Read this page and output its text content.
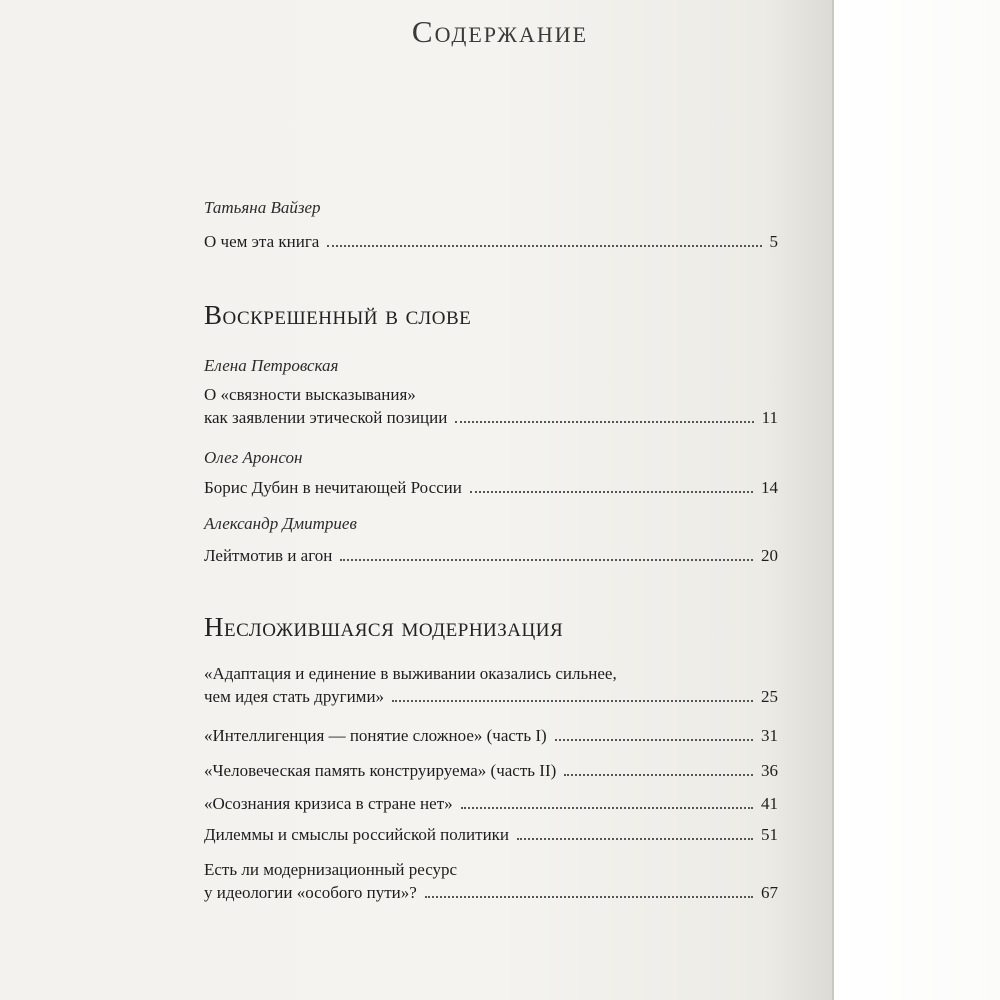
Содержание
Татьяна Вайзер
О чем эта книга	5
Воскрешенный в слове
Елена Петровская
О «связности высказывания»
как заявлении этической позиции	11
Олег Аронсон
Борис Дубин в нечитающей России	14
Александр Дмитриев
Лейтмотив и агон	20
Несложившаяся модернизация
«Адаптация и единение в выживании оказались сильнее,
чем идея стать другими»	25
«Интеллигенция — понятие сложное» (часть I)	31
«Человеческая память конструируема» (часть II)	36
«Осознания кризиса в стране нет»	41
Дилеммы и смыслы российской политики	51
Есть ли модернизационный ресурс
у идеологии «особого пути»?	67
